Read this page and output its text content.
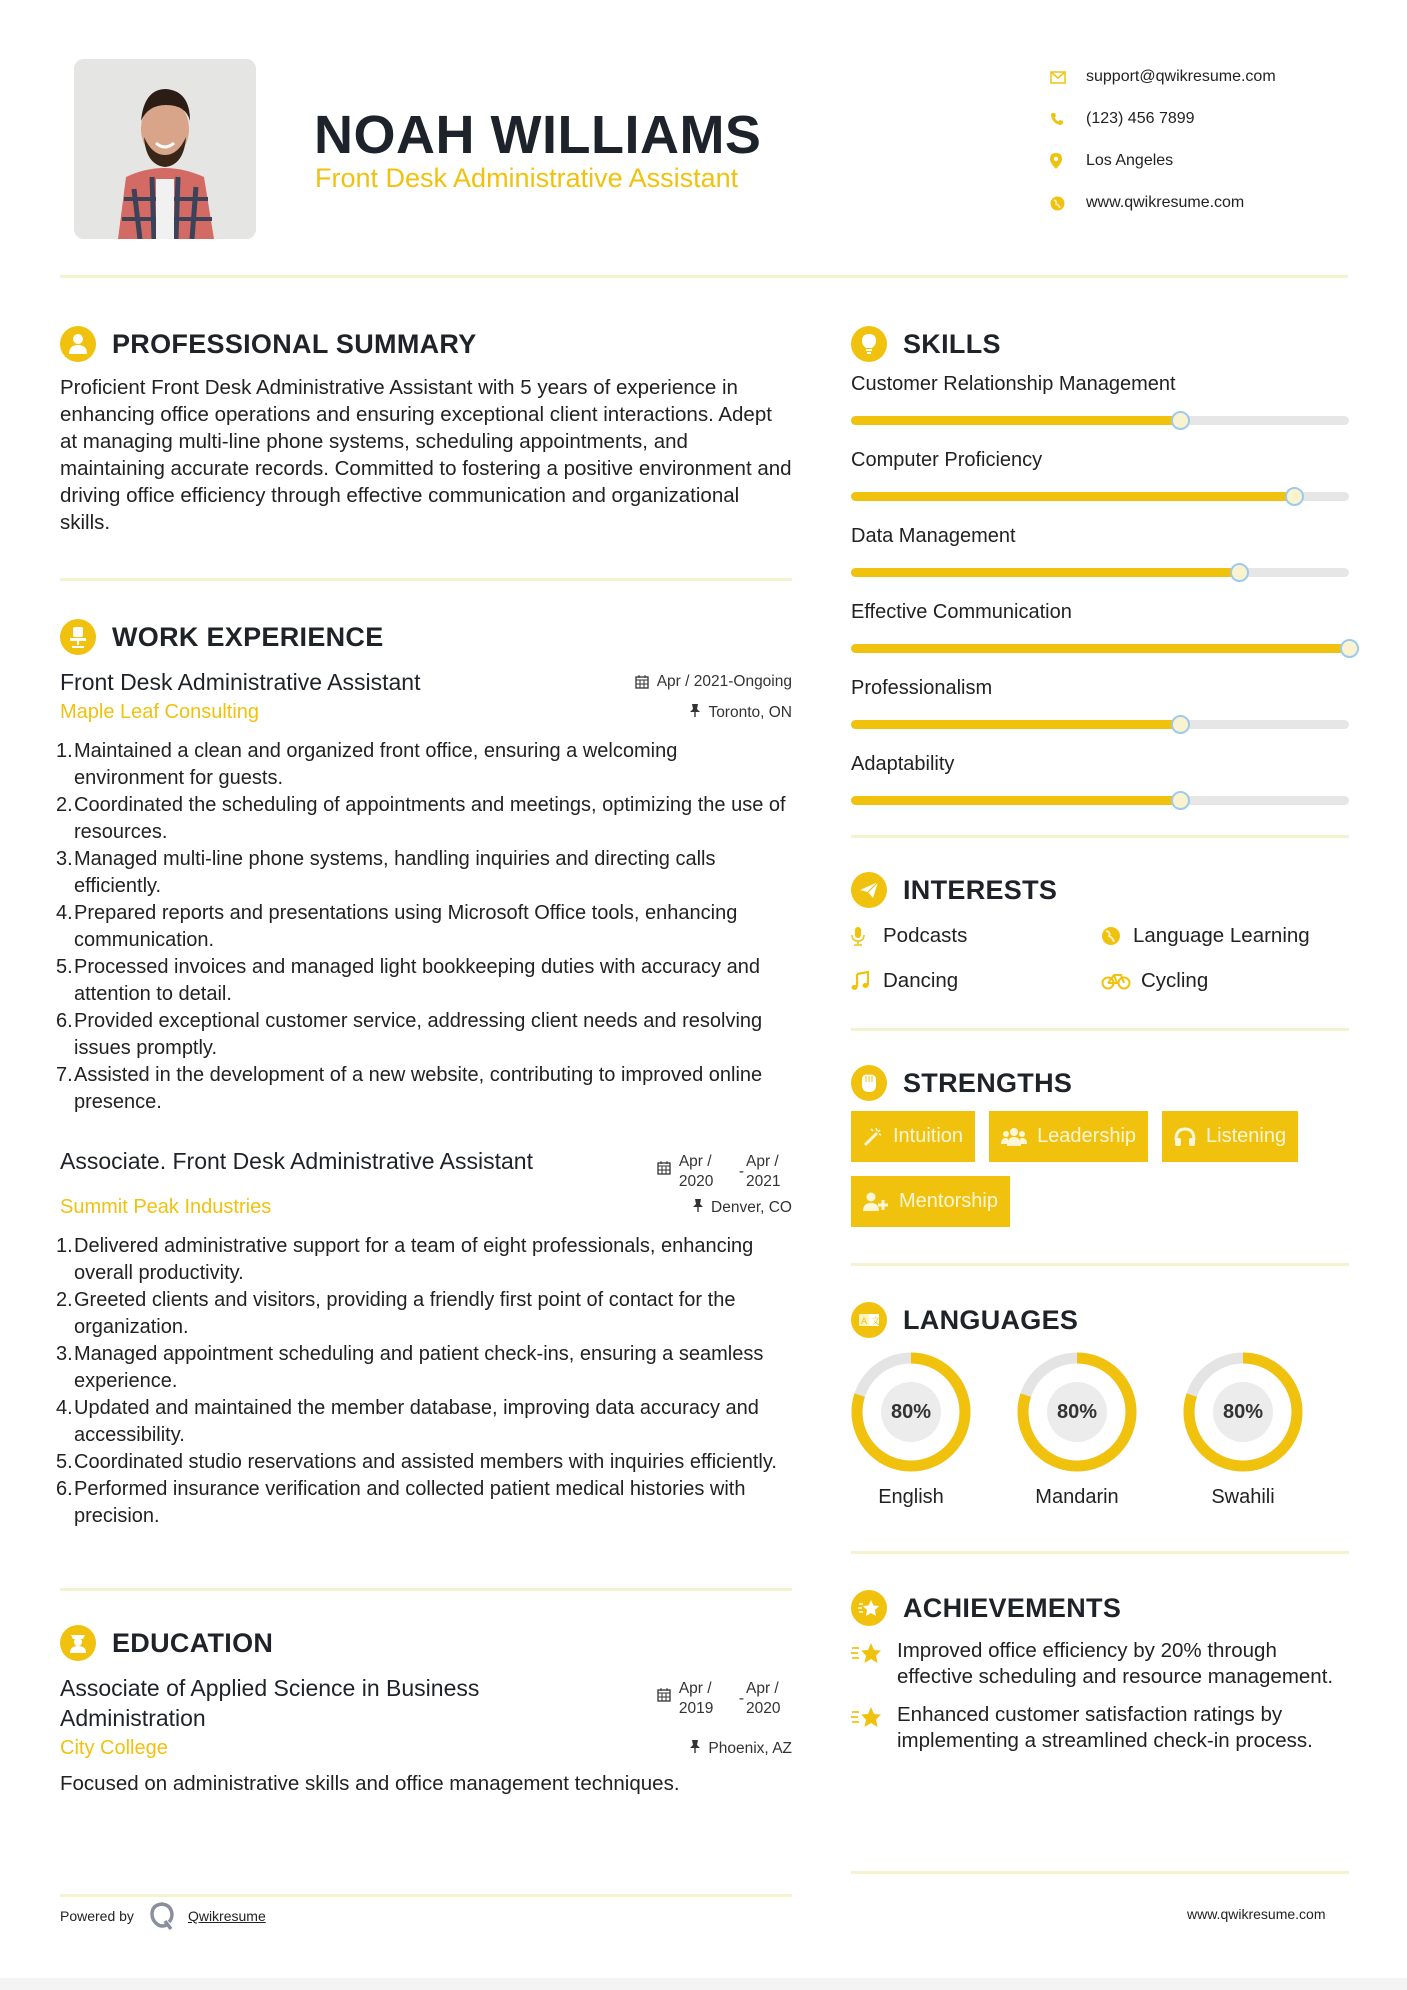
NOAH WILLIAMS
Front Desk Administrative Assistant
support@qwikresume.com
(123) 456 7899
Los Angeles
www.qwikresume.com
PROFESSIONAL SUMMARY

Proficient Front Desk Administrative Assistant with 5 years of experience in enhancing office operations and ensuring exceptional client interactions. Adept at managing multi-line phone systems, scheduling appointments, and maintaining accurate records. Committed to fostering a positive environment and driving office efficiency through effective communication and organizational skills.

WORK EXPERIENCE
Front Desk Administrative Assistant	Apr / 2021-Ongoing
Maple Leaf Consulting	Toronto, ON
1. Maintained a clean and organized front office, ensuring a welcoming environment for guests.
2. Coordinated the scheduling of appointments and meetings, optimizing the use of resources.
3. Managed multi-line phone systems, handling inquiries and directing calls efficiently.
4. Prepared reports and presentations using Microsoft Office tools, enhancing communication.
5. Processed invoices and managed light bookkeeping duties with accuracy and attention to detail.
6. Provided exceptional customer service, addressing client needs and resolving issues promptly.
7. Assisted in the development of a new website, contributing to improved online presence.
Associate. Front Desk Administrative Assistant	Apr / 2020
-
Apr / 2021
Summit Peak Industries	Denver, CO
1. Delivered administrative support for a team of eight professionals, enhancing overall productivity.
2. Greeted clients and visitors, providing a friendly first point of contact for the organization.
3. Managed appointment scheduling and patient check-ins, ensuring a seamless experience.
4. Updated and maintained the member database, improving data accuracy and accessibility.
5. Coordinated studio reservations and assisted members with inquiries efficiently.
6. Performed insurance verification and collected patient medical histories with precision.
EDUCATION
Associate of Applied Science in Business Administration
Apr / 2019
-
Apr / 2020
City College	Phoenix, AZ

Focused on administrative skills and office management techniques.

SKILLS
Customer Relationship Management
Computer Proficiency
Data Management
Effective Communication
Professionalism
Adaptability
INTERESTS
Podcasts	Language Learning
Dancing	Cycling
STRENGTHS
Intuition	Leadership	Listening
Mentorship
A 文 LANGUAGES
80%
English
80%
Mandarin
80%
Swahili
ACHIEVEMENTS
Improved office efficiency by 20% through effective scheduling and resource management.
Enhanced customer satisfaction ratings by implementing a streamlined check-in process.
Powered by	Qwikresume	www.qwikresume.com
